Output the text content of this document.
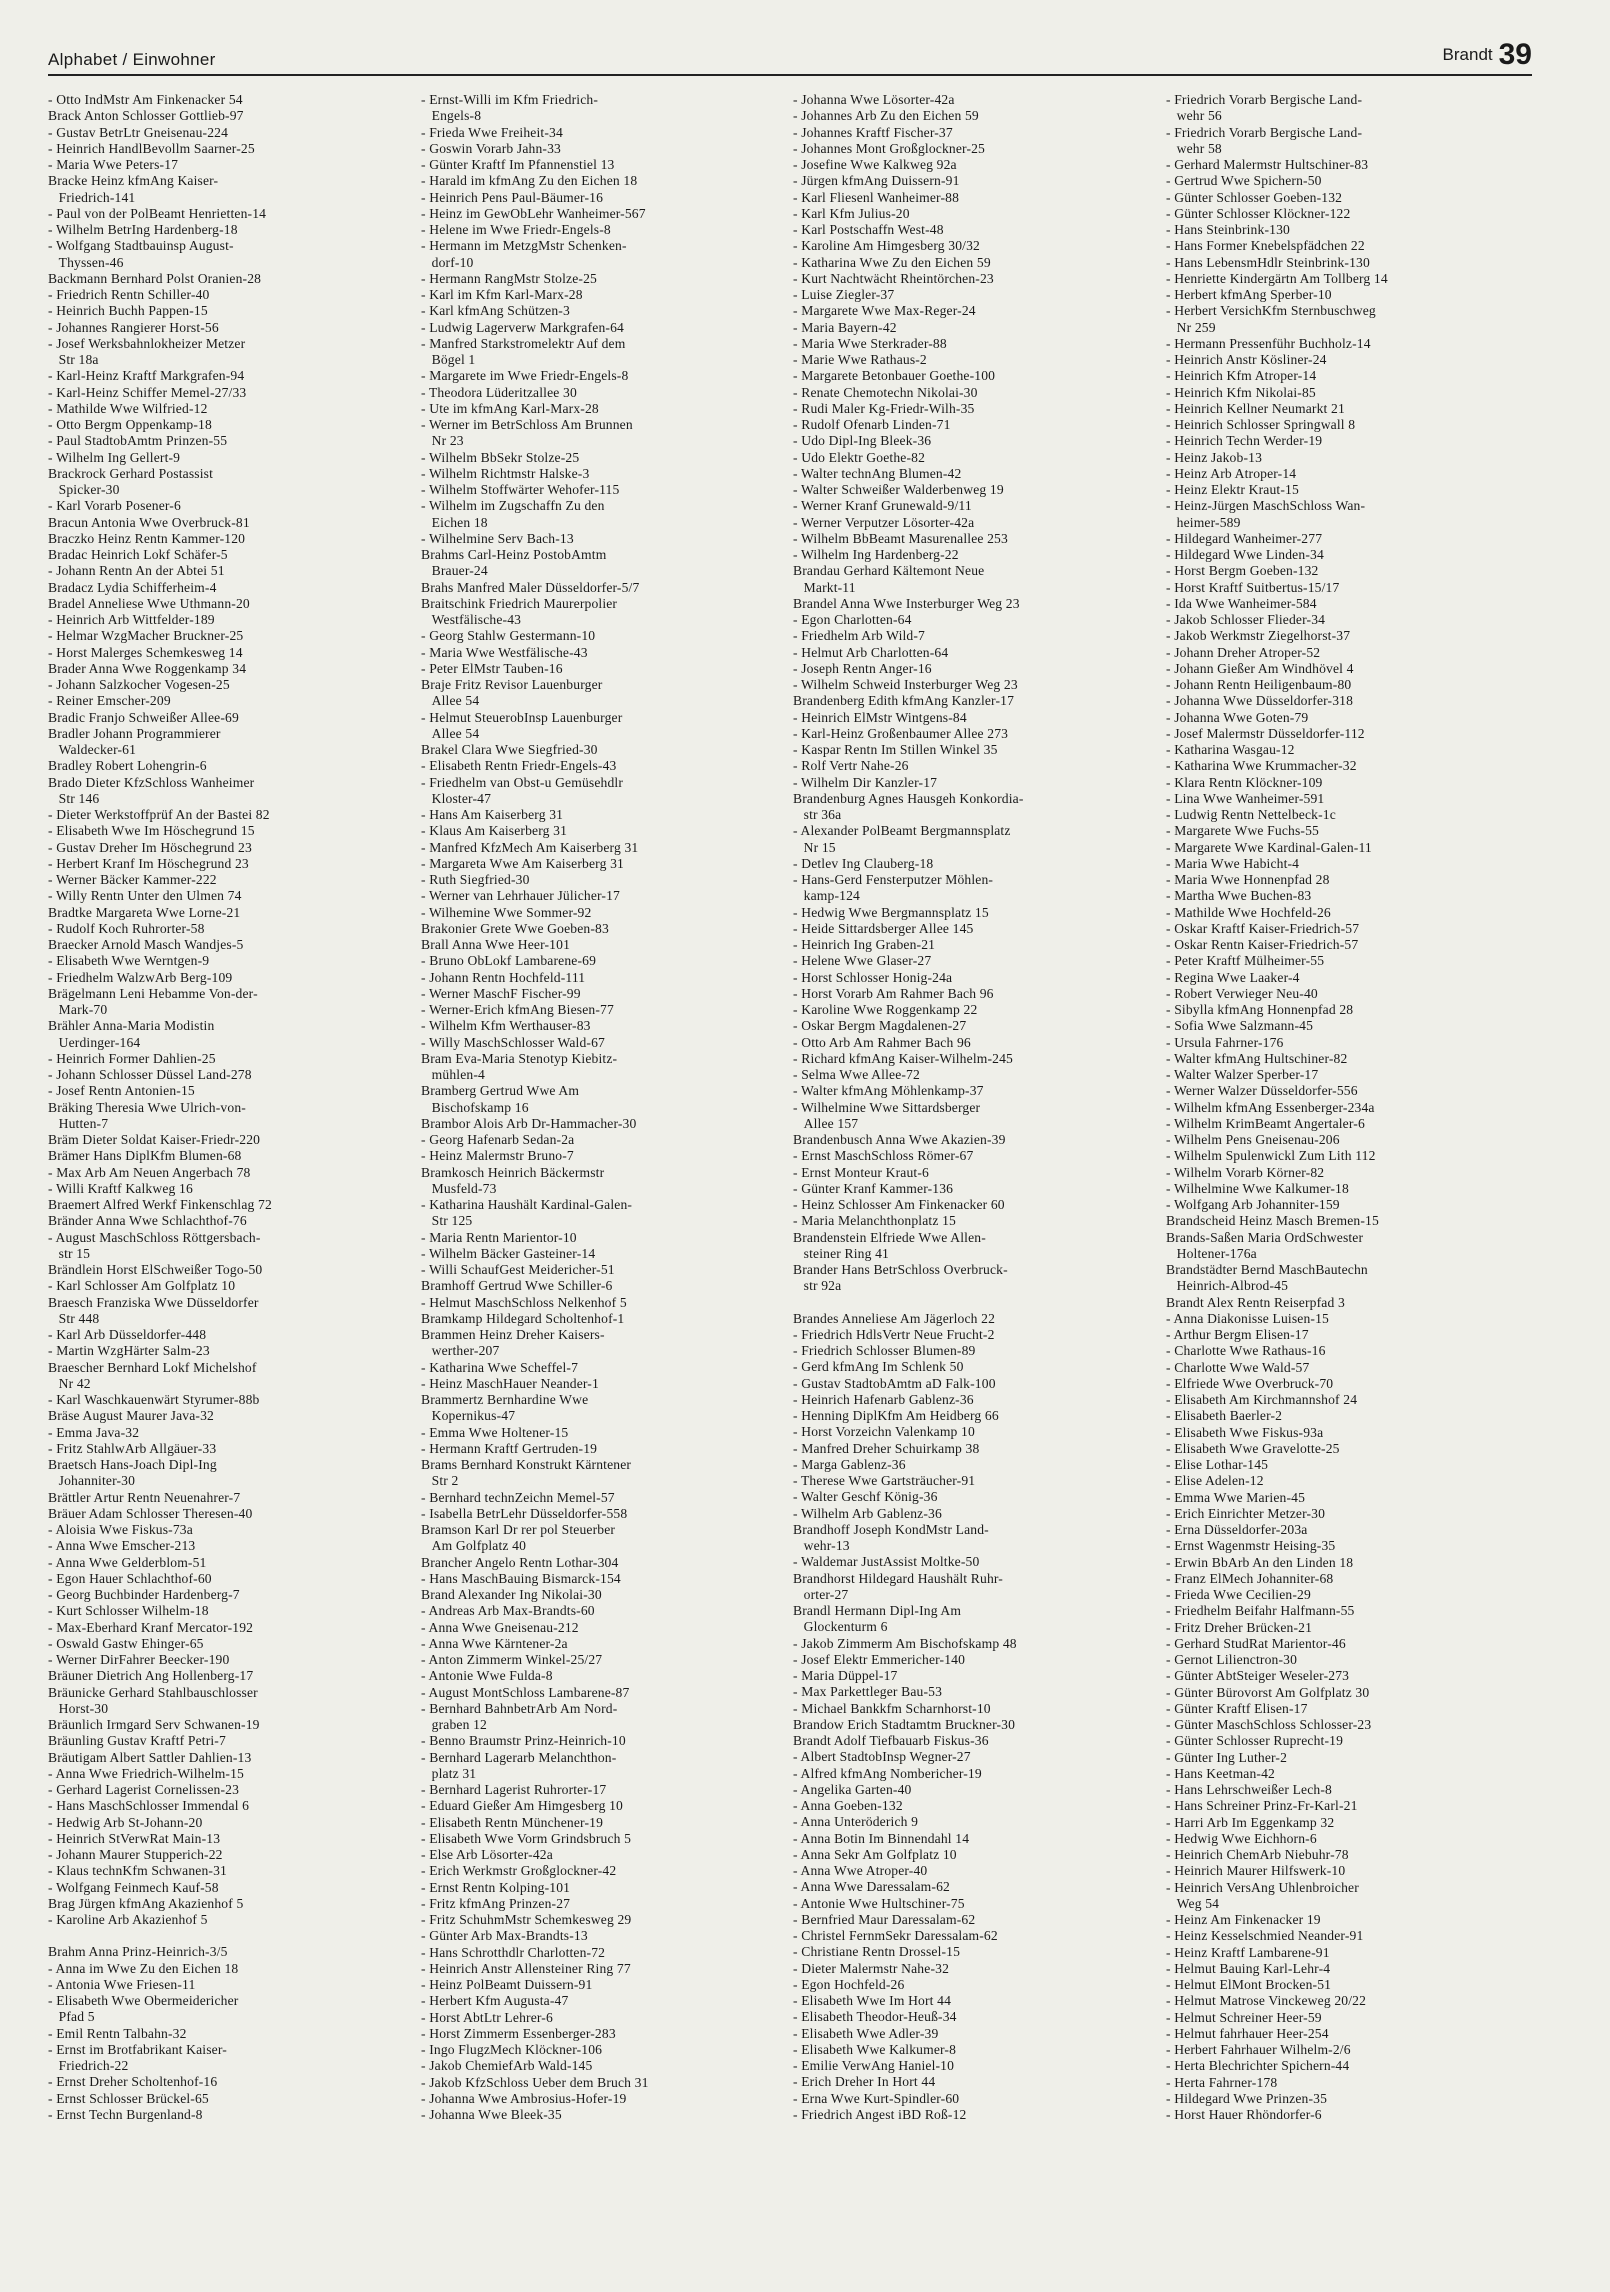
Alphabet / Einwohner	Brandt 39
- Otto IndMstr Am Finkenacker 54
Brack Anton Schlosser Gottlieb-97
- Gustav BetrLtr Gneisenau-224
- Heinrich HandlBevollm Saarner-25
- Maria Wwe Peters-17
Bracke Heinz kfmAng Kaiser-
Friedrich-141
- Paul von der PolBeamt Henrietten-14
- Wilhelm BetrIng Hardenberg-18
- Wolfgang Stadtbauinsp August-
Thyssen-46
Backmann Bernhard Polst Oranien-28
- Friedrich Rentn Schiller-40
- Heinrich Buchh Pappen-15
- Johannes Rangierer Horst-56
- Josef Werksbahnlokheizer Metzer
Str 18a
- Karl-Heinz Kraftf Markgrafen-94
- Karl-Heinz Schiffer Memel-27/33
- Mathilde Wwe Wilfried-12
- Otto Bergm Oppenkamp-18
- Paul StadtobAmtm Prinzen-55
- Wilhelm Ing Gellert-9
Brackrock Gerhard Postassist
Spicker-30
- Karl Vorarb Posener-6
Bracun Antonia Wwe Overbruck-81
Braczko Heinz Rentn Kammer-120
Bradac Heinrich Lokf Schäfer-5
- Johann Rentn An der Abtei 51
Bradacz Lydia Schifferheim-4
Bradel Anneliese Wwe Uthmann-20
- Heinrich Arb Wittfelder-189
- Helmar WzgMacher Bruckner-25
- Horst Malerges Schemkesweg 14
Brader Anna Wwe Roggenkamp 34
- Johann Salzkocher Vogesen-25
- Reiner Emscher-209
Bradic Franjo Schweißer Allee-69
Bradler Johann Programmierer
Waldecker-61
Bradley Robert Lohengrin-6
Brado Dieter KfzSchloss Wanheimer
Str 146
- Dieter Werkstoffprüf An der Bastei 82
- Elisabeth Wwe Im Höschegrund 15
- Gustav Dreher Im Höschegrund 23
- Herbert Kranf Im Höschegrund 23
- Werner Bäcker Kammer-222
- Willy Rentn Unter den Ulmen 74
Bradtke Margareta Wwe Lorne-21
- Rudolf Koch Ruhrorter-58
Braecker Arnold Masch Wandjes-5
- Elisabeth Wwe Werntgen-9
- Friedhelm WalzwArb Berg-109
Brägelmann Leni Hebamme Von-der-
Mark-70
Brähler Anna-Maria Modistin
Uerdinger-164
- Heinrich Former Dahlien-25
- Johann Schlosser Düssel Land-278
- Josef Rentn Antonien-15
Bräking Theresia Wwe Ulrich-von-
Hutten-7
Bräm Dieter Soldat Kaiser-Friedr-220
Brämer Hans DiplKfm Blumen-68
- Max Arb Am Neuen Angerbach 78
- Willi Kraftf Kalkweg 16
Braemert Alfred Werkf Finkenschlag 72
Bränder Anna Wwe Schlachthof-76
- August MaschSchloss Röttgersbach-
str 15
Brändlein Horst ElSchweißer Togo-50
- Karl Schlosser Am Golfplatz 10
Braesch Franziska Wwe Düsseldorfer
Str 448
- Karl Arb Düsseldorfer-448
- Martin WzgHärter Salm-23
Braescher Bernhard Lokf Michelshof
Nr 42
- Karl Waschkauenwärt Styrumer-88b
Bräse August Maurer Java-32
- Emma Java-32
- Fritz StahlwArb Allgäuer-33
Braetsch Hans-Joach Dipl-Ing
Johanniter-30
Brättler Artur Rentn Neuenahrer-7
Bräuer Adam Schlosser Theresen-40
- Aloisia Wwe Fiskus-73a
- Anna Wwe Emscher-213
- Anna Wwe Gelderblom-51
- Egon Hauer Schlachthof-60
- Georg Buchbinder Hardenberg-7
- Kurt Schlosser Wilhelm-18
- Max-Eberhard Kranf Mercator-192
- Oswald Gastw Ehinger-65
- Werner DirFahrer Beecker-190
Bräuner Dietrich Ang Hollenberg-17
Bräunicke Gerhard Stahlbauschlosser
Horst-30
Bräunlich Irmgard Serv Schwanen-19
Bräunling Gustav Kraftf Petri-7
Bräutigam Albert Sattler Dahlien-13
- Anna Wwe Friedrich-Wilhelm-15
- Gerhard Lagerist Cornelissen-23
- Hans MaschSchlosser Immendal 6
- Hedwig Arb St-Johann-20
- Heinrich StVerwRat Main-13
- Johann Maurer Stupperich-22
- Klaus technKfm Schwanen-31
- Wolfgang Feinmech Kauf-58
Brag Jürgen kfmAng Akazienhof 5
- Karoline Arb Akazienhof 5
Brahm Anna Prinz-Heinrich-3/5
- Anna im Wwe Zu den Eichen 18
- Antonia Wwe Friesen-11
- Elisabeth Wwe Obermeidericher
Pfad 5
- Emil Rentn Talbahn-32
- Ernst im Brotfabrikant Kaiser-
Friedrich-22
- Ernst Dreher Scholtenhof-16
- Ernst Schlosser Brückel-65
- Ernst Techn Burgenland-8
- Ernst-Willi im Kfm Friedrich-
Engels-8
- Frieda Wwe Freiheit-34
- Goswin Vorarb Jahn-33
- Günter Kraftf Im Pfannenstiel 13
- Harald im kfmAng Zu den Eichen 18
- Heinrich Pens Paul-Bäumer-16
- Heinz im GewObLehr Wanheimer-567
- Helene im Wwe Friedr-Engels-8
- Hermann im MetzgMstr Schenken-
dorf-10
- Hermann RangMstr Stolze-25
- Karl im Kfm Karl-Marx-28
- Karl kfmAng Schützen-3
- Ludwig Lagerverw Markgrafen-64
- Manfred Starkstromelektr Auf dem
Bögel 1
- Margarete im Wwe Friedr-Engels-8
- Theodora Lüderitzallee 30
- Ute im kfmAng Karl-Marx-28
- Werner im BetrSchloss Am Brunnen
Nr 23
- Wilhelm BbSekr Stolze-25
- Wilhelm Richtmstr Halske-3
- Wilhelm Stoffwärter Wehofer-115
- Wilhelm im Zugschaffn Zu den
Eichen 18
- Wilhelmine Serv Bach-13
Brahms Carl-Heinz PostobAmtm
Brauer-24
Brahs Manfred Maler Düsseldorfer-5/7
Braitschink Friedrich Maurerpolier
Westfälische-43
- Georg Stahlw Gestermann-10
- Maria Wwe Westfälische-43
- Peter ElMstr Tauben-16
Braje Fritz Revisor Lauenburger
Allee 54
- Helmut SteuerobInsp Lauenburger
Allee 54
Brakel Clara Wwe Siegfried-30
- Elisabeth Rentn Friedr-Engels-43
- Friedhelm van Obst-u Gemüsehdlr
Kloster-47
- Hans Am Kaiserberg 31
- Klaus Am Kaiserberg 31
- Manfred KfzMech Am Kaiserberg 31
- Margareta Wwe Am Kaiserberg 31
- Ruth Siegfried-30
- Werner van Lehrhauer Jülicher-17
- Wilhemine Wwe Sommer-92
Brakonier Grete Wwe Goeben-83
Brall Anna Wwe Heer-101
- Bruno ObLokf Lambarene-69
- Johann Rentn Hochfeld-111
- Werner MaschF Fischer-99
- Werner-Erich kfmAng Biesen-77
- Wilhelm Kfm Werthauser-83
- Willy MaschSchlosser Wald-67
Bram Eva-Maria Stenotyp Kiebitz-
mühlen-4
Bramberg Gertrud Wwe Am
Bischofskamp 16
Brambor Alois Arb Dr-Hammacher-30
- Georg Hafenarb Sedan-2a
- Heinz Malermstr Bruno-7
Bramkosch Heinrich Bäckermstr
Musfeld-73
- Katharina Haushält Kardinal-Galen-
Str 125
- Maria Rentn Marientor-10
- Wilhelm Bäcker Gasteiner-14
- Willi SchaufGest Meidericher-51
Bramhoff Gertrud Wwe Schiller-6
- Helmut MaschSchloss Nelkenhof 5
Bramkamp Hildegard Scholtenhof-1
Brammen Heinz Dreher Kaisers-
werther-207
- Katharina Wwe Scheffel-7
- Heinz MaschHauer Neander-1
Brammertz Bernhardine Wwe
Kopernikus-47
- Emma Wwe Holtener-15
- Hermann Kraftf Gertruden-19
Brams Bernhard Konstrukt Kärntener
Str 2
- Bernhard technZeichn Memel-57
- Isabella BetrLehr Düsseldorfer-558
Bramson Karl Dr rer pol Steuerber
Am Golfplatz 40
Brancher Angelo Rentn Lothar-304
- Hans MaschBauing Bismarck-154
Brand Alexander Ing Nikolai-30
- Andreas Arb Max-Brandts-60
- Anna Wwe Gneisenau-212
- Anna Wwe Kärntener-2a
- Anton Zimmerm Winkel-25/27
- Antonie Wwe Fulda-8
- August MontSchloss Lambarene-87
- Bernhard BahnbetrArb Am Nord-
graben 12
- Benno Braumstr Prinz-Heinrich-10
- Bernhard Lagerarb Melanchthon-
platz 31
- Bernhard Lagerist Ruhrorter-17
- Eduard Gießer Am Himgesberg 10
- Elisabeth Rentn Münchener-19
- Elisabeth Wwe Vorm Grindsbruch 5
- Else Arb Lösorter-42a
- Erich Werkmstr Großglockner-42
- Ernst Rentn Kolping-101
- Fritz kfmAng Prinzen-27
- Fritz SchuhmMstr Schemkesweg 29
- Günter Arb Max-Brandts-13
- Hans Schrotthdlr Charlotten-72
- Heinrich Anstr Allensteiner Ring 77
- Heinz PolBeamt Duissern-91
- Herbert Kfm Augusta-47
- Horst AbtLtr Lehrer-6
- Horst Zimmerm Essenberger-283
- Ingo FlugzMech Klöckner-106
- Jakob ChemiefArb Wald-145
- Jakob KfzSchloss Ueber dem Bruch 31
- Johanna Wwe Ambrosius-Hofer-19
- Johanna Wwe Bleek-35
- Johanna Wwe Lösorter-42a
- Johannes Arb Zu den Eichen 59
- Johannes Kraftf Fischer-37
- Johannes Mont Großglockner-25
- Josefine Wwe Kalkweg 92a
- Jürgen kfmAng Duissern-91
- Karl Fliesenl Wanheimer-88
- Karl Kfm Julius-20
- Karl Postschaffn West-48
- Karoline Am Himgesberg 30/32
- Katharina Wwe Zu den Eichen 59
- Kurt Nachtwächt Rheintörchen-23
- Luise Ziegler-37
- Margarete Wwe Max-Reger-24
- Maria Bayern-42
- Maria Wwe Sterkrader-88
- Marie Wwe Rathaus-2
- Margarete Betonbauer Goethe-100
- Renate Chemotechn Nikolai-30
- Rudi Maler Kg-Friedr-Wilh-35
- Rudolf Ofenarb Linden-71
- Udo Dipl-Ing Bleek-36
- Udo Elektr Goethe-82
- Walter technAng Blumen-42
- Walter Schweißer Walderbenweg 19
- Werner Kranf Grunewald-9/11
- Werner Verputzer Lösorter-42a
- Wilhelm BbBeamt Masurenallee 253
- Wilhelm Ing Hardenberg-22
Brandau Gerhard Kältemont Neue
Markt-11
Brandel Anna Wwe Insterburger Weg 23
- Egon Charlotten-64
- Friedhelm Arb Wild-7
- Helmut Arb Charlotten-64
- Joseph Rentn Anger-16
- Wilhelm Schweid Insterburger Weg 23
Brandenberg Edith kfmAng Kanzler-17
- Heinrich ElMstr Wintgens-84
- Karl-Heinz Großenbaumer Allee 273
- Kaspar Rentn Im Stillen Winkel 35
- Rolf Vertr Nahe-26
- Wilhelm Dir Kanzler-17
Brandenburg Agnes Hausgeh Konkordia-
str 36a
- Alexander PolBeamt Bergmannsplatz
Nr 15
- Detlev Ing Clauberg-18
- Hans-Gerd Fensterputzer Möhlen-
kamp-124
- Hedwig Wwe Bergmannsplatz 15
- Heide Sittardsberger Allee 145
- Heinrich Ing Graben-21
- Helene Wwe Glaser-27
- Horst Schlosser Honig-24a
- Horst Vorarb Am Rahmer Bach 96
- Karoline Wwe Roggenkamp 22
- Oskar Bergm Magdalenen-27
- Otto Arb Am Rahmer Bach 96
- Richard kfmAng Kaiser-Wilhelm-245
- Selma Wwe Allee-72
- Walter kfmAng Möhlenkamp-37
- Wilhelmine Wwe Sittardsberger
Allee 157
Brandenbusch Anna Wwe Akazien-39
- Ernst MaschSchloss Römer-67
- Ernst Monteur Kraut-6
- Günter Kranf Kammer-136
- Heinz Schlosser Am Finkenacker 60
- Maria Melanchthonplatz 15
Brandenstein Elfriede Wwe Allen-
steiner Ring 41
Brander Hans BetrSchloss Overbruck-
str 92a
Brandes Anneliese Am Jägerloch 22
- Friedrich HdlsVertr Neue Frucht-2
- Friedrich Schlosser Blumen-89
- Gerd kfmAng Im Schlenk 50
- Gustav StadtobAmtm aD Falk-100
- Heinrich Hafenarb Gablenz-36
- Henning DiplKfm Am Heidberg 66
- Horst Vorzeichn Valenkamp 10
- Manfred Dreher Schuirkamp 38
- Marga Gablenz-36
- Therese Wwe Gartsträucher-91
- Walter Geschf König-36
- Wilhelm Arb Gablenz-36
Brandhoff Joseph KondMstr Land-
wehr-13
- Waldemar JustAssist Moltke-50
Brandhorst Hildegard Haushält Ruhr-
orter-27
Brandl Hermann Dipl-Ing Am
Glockenturm 6
- Jakob Zimmerm Am Bischofskamp 48
- Josef Elektr Emmericher-140
- Maria Düppel-17
- Max Parkettleger Bau-53
- Michael Bankkfm Scharnhorst-10
Brandow Erich Stadtamtm Bruckner-30
Brandt Adolf Tiefbauarb Fiskus-36
- Albert StadtobInsp Wegner-27
- Alfred kfmAng Nombericher-19
- Angelika Garten-40
- Anna Goeben-132
- Anna Unteröderich 9
- Anna Botin Im Binnendahl 14
- Anna Sekr Am Golfplatz 10
- Anna Wwe Atroper-40
- Anna Wwe Daressalam-62
- Antonie Wwe Hultschiner-75
- Bernfried Maur Daressalam-62
- Christel FernmSekr Daressalam-62
- Christiane Rentn Drossel-15
- Dieter Malermstr Nahe-32
- Egon Hochfeld-26
- Elisabeth Wwe Im Hort 44
- Elisabeth Theodor-Heuß-34
- Elisabeth Wwe Adler-39
- Elisabeth Wwe Kalkumer-8
- Emilie VerwAng Haniel-10
- Erich Dreher In Hort 44
- Erna Wwe Kurt-Spindler-60
- Friedrich Angest iBD Roß-12
- Friedrich Vorarb Bergische Land-
wehr 56
- Friedrich Vorarb Bergische Land-
wehr 58
- Gerhard Malermstr Hultschiner-83
- Gertrud Wwe Spichern-50
- Günter Schlosser Goeben-132
- Günter Schlosser Klöckner-122
- Hans Steinbrink-130
- Hans Former Knebelspfädchen 22
- Hans LebensmHdlr Steinbrink-130
- Henriette Kindergärtn Am Tollberg 14
- Herbert kfmAng Sperber-10
- Herbert VersichKfm Sternbuschweg
Nr 259
- Hermann Pressenführ Buchholz-14
- Heinrich Anstr Kösliner-24
- Heinrich Kfm Atroper-14
- Heinrich Kfm Nikolai-85
- Heinrich Kellner Neumarkt 21
- Heinrich Schlosser Springwall 8
- Heinrich Techn Werder-19
- Heinz Jakob-13
- Heinz Arb Atroper-14
- Heinz Elektr Kraut-15
- Heinz-Jürgen MaschSchloss Wan-
heimer-589
- Hildegard Wanheimer-277
- Hildegard Wwe Linden-34
- Horst Bergm Goeben-132
- Horst Kraftf Suitbertus-15/17
- Ida Wwe Wanheimer-584
- Jakob Schlosser Flieder-34
- Jakob Werkmstr Ziegelhorst-37
- Johann Dreher Atroper-52
- Johann Gießer Am Windhövel 4
- Johann Rentn Heiligenbaum-80
- Johanna Wwe Düsseldorfer-318
- Johanna Wwe Goten-79
- Josef Malermstr Düsseldorfer-112
- Katharina Wasgau-12
- Katharina Wwe Krummacher-32
- Klara Rentn Klöckner-109
- Lina Wwe Wanheimer-591
- Ludwig Rentn Nettelbeck-1c
- Margarete Wwe Fuchs-55
- Margarete Wwe Kardinal-Galen-11
- Maria Wwe Habicht-4
- Maria Wwe Honnenpfad 28
- Martha Wwe Buchen-83
- Mathilde Wwe Hochfeld-26
- Oskar Kraftf Kaiser-Friedrich-57
- Oskar Rentn Kaiser-Friedrich-57
- Peter Kraftf Mülheimer-55
- Regina Wwe Laaker-4
- Robert Verwieger Neu-40
- Sibylla kfmAng Honnenpfad 28
- Sofia Wwe Salzmann-45
- Ursula Fahrner-176
- Walter kfmAng Hultschiner-82
- Walter Walzer Sperber-17
- Werner Walzer Düsseldorfer-556
- Wilhelm kfmAng Essenberger-234a
- Wilhelm KrimBeamt Angertaler-6
- Wilhelm Pens Gneisenau-206
- Wilhelm Spulenwickl Zum Lith 112
- Wilhelm Vorarb Körner-82
- Wilhelmine Wwe Kalkumer-18
- Wolfgang Arb Johanniter-159
Brandscheid Heinz Masch Bremen-15
Brands-Saßen Maria OrdSchwester
Holtener-176a
Brandstädter Bernd MaschBautechn
Heinrich-Albrod-45
Brandt Alex Rentn Reiserpfad 3
- Anna Diakonisse Luisen-15
- Arthur Bergm Elisen-17
- Charlotte Wwe Rathaus-16
- Charlotte Wwe Wald-57
- Elfriede Wwe Overbruck-70
- Elisabeth Am Kirchmannshof 24
- Elisabeth Baerler-2
- Elisabeth Wwe Fiskus-93a
- Elisabeth Wwe Gravelotte-25
- Elise Lothar-145
- Elise Adelen-12
- Emma Wwe Marien-45
- Erich Einrichter Metzer-30
- Erna Düsseldorfer-203a
- Ernst Wagenmstr Heising-35
- Erwin BbArb An den Linden 18
- Franz ElMech Johanniter-68
- Frieda Wwe Cecilien-29
- Friedhelm Beifahr Halfmann-55
- Fritz Dreher Brücken-21
- Gerhard StudRat Marientor-46
- Gernot Lilienctron-30
- Günter AbtSteiger Weseler-273
- Günter Bürovorst Am Golfplatz 30
- Günter Kraftf Elisen-17
- Günter MaschSchloss Schlosser-23
- Günter Schlosser Ruprecht-19
- Günter Ing Luther-2
- Hans Keetman-42
- Hans Lehrschweißer Lech-8
- Hans Schreiner Prinz-Fr-Karl-21
- Harri Arb Im Eggenkamp 32
- Hedwig Wwe Eichhorn-6
- Heinrich ChemArb Niebuhr-78
- Heinrich Maurer Hilfswerk-10
- Heinrich VersAng Uhlenbroicher
Weg 54
- Heinz Am Finkenacker 19
- Heinz Kesselschmied Neander-91
- Heinz Kraftf Lambarene-91
- Helmut Bauing Karl-Lehr-4
- Helmut ElMont Brocken-51
- Helmut Matrose Vinckeweg 20/22
- Helmut Schreiner Heer-59
- Helmut fahrhauer Heer-254
- Herbert Fahrhauer Wilhelm-2/6
- Herta Blechrichter Spichern-44
- Herta Fahrner-178
- Hildegard Wwe Prinzen-35
- Horst Hauer Rhöndorfer-6
